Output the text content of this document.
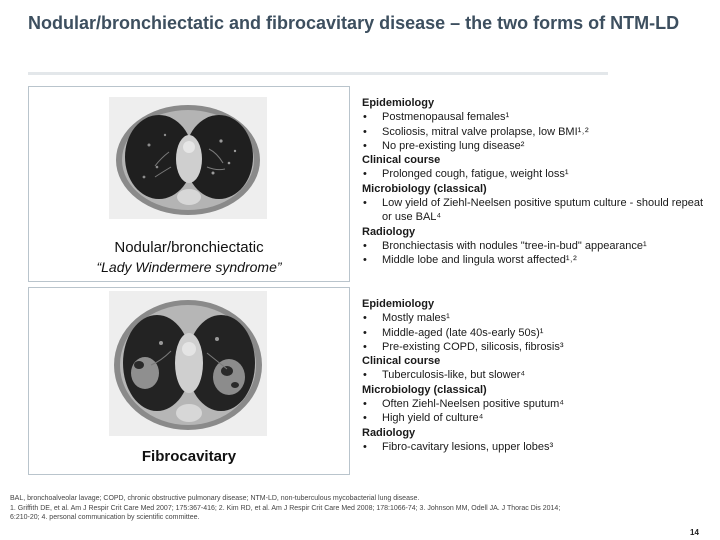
Nodular/bronchiectatic and fibrocavitary disease – the two forms of NTM-LD
Nodular/bronchiectatic
“Lady Windermere syndrome”
Fibrocavitary
Epidemiology
•	Postmenopausal females¹
•	Scoliosis, mitral valve prolapse, low BMI¹˒²
•	No pre-existing lung disease²
Clinical course
•	Prolonged cough, fatigue, weight loss¹
Microbiology (classical)
•	Low yield of Ziehl-Neelsen positive sputum culture - should repeat or use BAL⁴
Radiology
•	Bronchiectasis with nodules "tree-in-bud" appearance¹
•	Middle lobe and lingula worst affected¹˒²
Epidemiology
•	Mostly males¹
•	Middle-aged (late 40s-early 50s)¹
•	Pre-existing COPD, silicosis, fibrosis³
Clinical course
•	Tuberculosis-like, but slower⁴
Microbiology (classical)
•	Often Ziehl-Neelsen positive sputum⁴
•	High yield of culture⁴
Radiology
•	Fibro-cavitary lesions, upper lobes³
BAL, bronchoalveolar lavage; COPD, chronic obstructive pulmonary disease; NTM-LD, non-tuberculous mycobacterial lung disease.
1. Griffith DE, et al. Am J Respir Crit Care Med 2007; 175:367-416; 2. Kim RD, et al. Am J Respir Crit Care Med 2008; 178:1066-74; 3. Johnson MM, Odell JA. J Thorac Dis 2014;
6:210-20; 4. personal communication by scientific committee.
14
